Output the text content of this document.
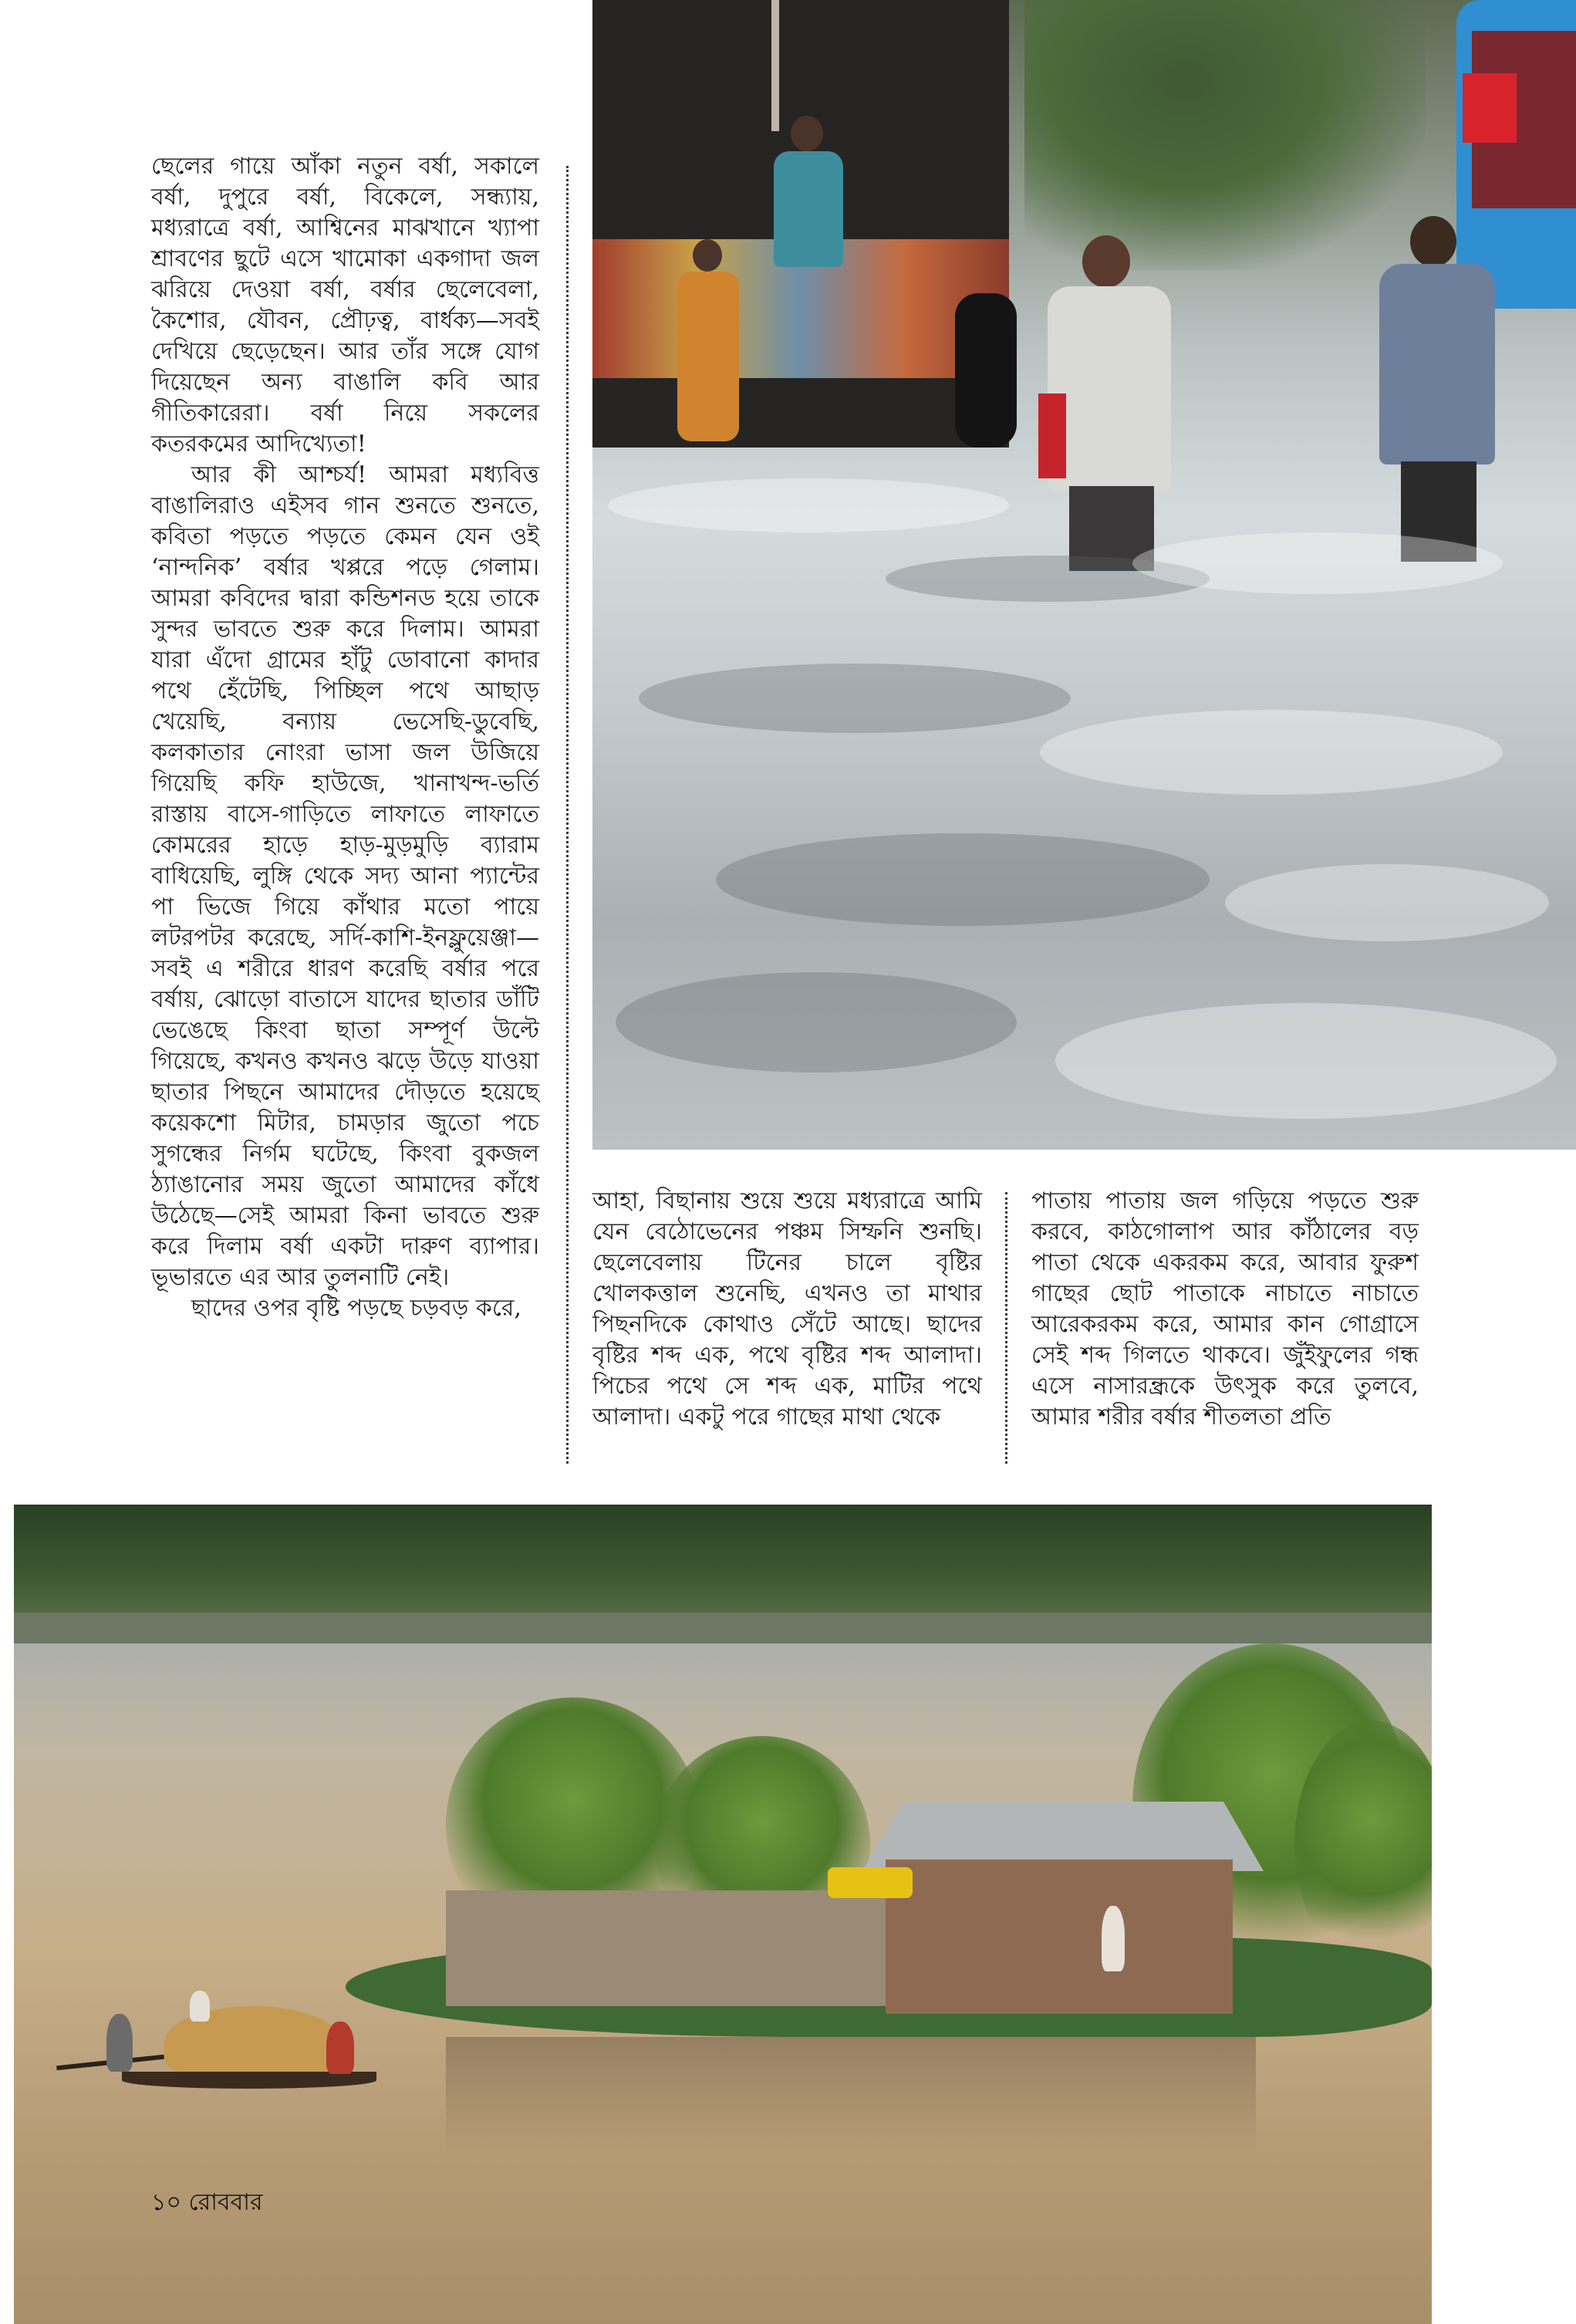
ছেলের গায়ে আঁকা নতুন বর্ষা, সকালে বর্ষা, দুপুরে বর্ষা, বিকেলে, সন্ধ্যায়, মধ্যরাত্রে বর্ষা, আশ্বিনের মাঝখানে খ্যাপা শ্রাবণের ছুটে এসে খামোকা একগাদা জল ঝরিয়ে দেওয়া বর্ষা, বর্ষার ছেলেবেলা, কৈশোর, যৌবন, প্রৌঢ়ত্ব, বার্ধক্য—সবই দেখিয়ে ছেড়েছেন। আর তাঁর সঙ্গে যোগ দিয়েছেন অন্য বাঙালি কবি আর গীতিকারেরা। বর্ষা নিয়ে সকলের কতরকমের আদিখ্যেতা!

আর কী আশ্চর্য! আমরা মধ্যবিত্ত বাঙালিরাও এইসব গান শুনতে শুনতে, কবিতা পড়তে পড়তে কেমন যেন ওই ‘নান্দনিক’ বর্ষার খপ্পরে পড়ে গেলাম। আমরা কবিদের দ্বারা কন্ডিশনড হয়ে তাকে সুন্দর ভাবতে শুরু করে দিলাম। আমরা যারা এঁদো গ্রামের হাঁটু ডোবানো কাদার পথে হেঁটেছি, পিচ্ছিল পথে আছাড় খেয়েছি, বন্যায় ভেসেছি-ডুবেছি, কলকাতার নোংরা ভাসা জল উজিয়ে গিয়েছি কফি হাউজে, খানাখন্দ-ভর্তি রাস্তায় বাসে-গাড়িতে লাফাতে লাফাতে কোমরের হাড়ে হাড়-মুড়মুড়ি ব্যারাম বাধিয়েছি, লুঙ্গি থেকে সদ্য আনা প্যান্টের পা ভিজে গিয়ে কাঁথার মতো পায়ে লটরপটর করেছে, সর্দি-কাশি-ইনফ্লুয়েঞ্জা—সবই এ শরীরে ধারণ করেছি বর্ষার পরে বর্ষায়, ঝোড়ো বাতাসে যাদের ছাতার ডাঁটি ভেঙেছে কিংবা ছাতা সম্পূর্ণ উল্টে গিয়েছে, কখনও কখনও ঝড়ে উড়ে যাওয়া ছাতার পিছনে আমাদের দৌড়তে হয়েছে কয়েকশো মিটার, চামড়ার জুতো পচে সুগন্ধের নির্গম ঘটেছে, কিংবা বুকজল ঠ্যাঙানোর সময় জুতো আমাদের কাঁধে উঠেছে—সেই আমরা কিনা ভাবতে শুরু করে দিলাম বর্ষা একটা দারুণ ব্যাপার। ভূভারতে এর আর তুলনাটি নেই।

ছাদের ওপর বৃষ্টি পড়ছে চড়বড় করে,

আহা, বিছানায় শুয়ে শুয়ে মধ্যরাত্রে আমি যেন বেঠোভেনের পঞ্চম সিম্ফনি শুনছি। ছেলেবেলায় টিনের চালে বৃষ্টির খোলকত্তাল শুনেছি, এখনও তা মাথার পিছনদিকে কোথাও সেঁটে আছে। ছাদের বৃষ্টির শব্দ এক, পথে বৃষ্টির শব্দ আলাদা। পিচের পথে সে শব্দ এক, মাটির পথে আলাদা। একটু পরে গাছের মাথা থেকে

পাতায় পাতায় জল গড়িয়ে পড়তে শুরু করবে, কাঠগোলাপ আর কাঁঠালের বড় পাতা থেকে একরকম করে, আবার ফুরুশ গাছের ছোট পাতাকে নাচাতে নাচাতে আরেকরকম করে, আমার কান গোগ্রাসে সেই শব্দ গিলতে থাকবে। জুঁইফুলের গন্ধ এসে নাসারন্ধ্রকে উৎসুক করে তুলবে, আমার শরীর বর্ষার শীতলতা প্রতি

১০ রোববার
